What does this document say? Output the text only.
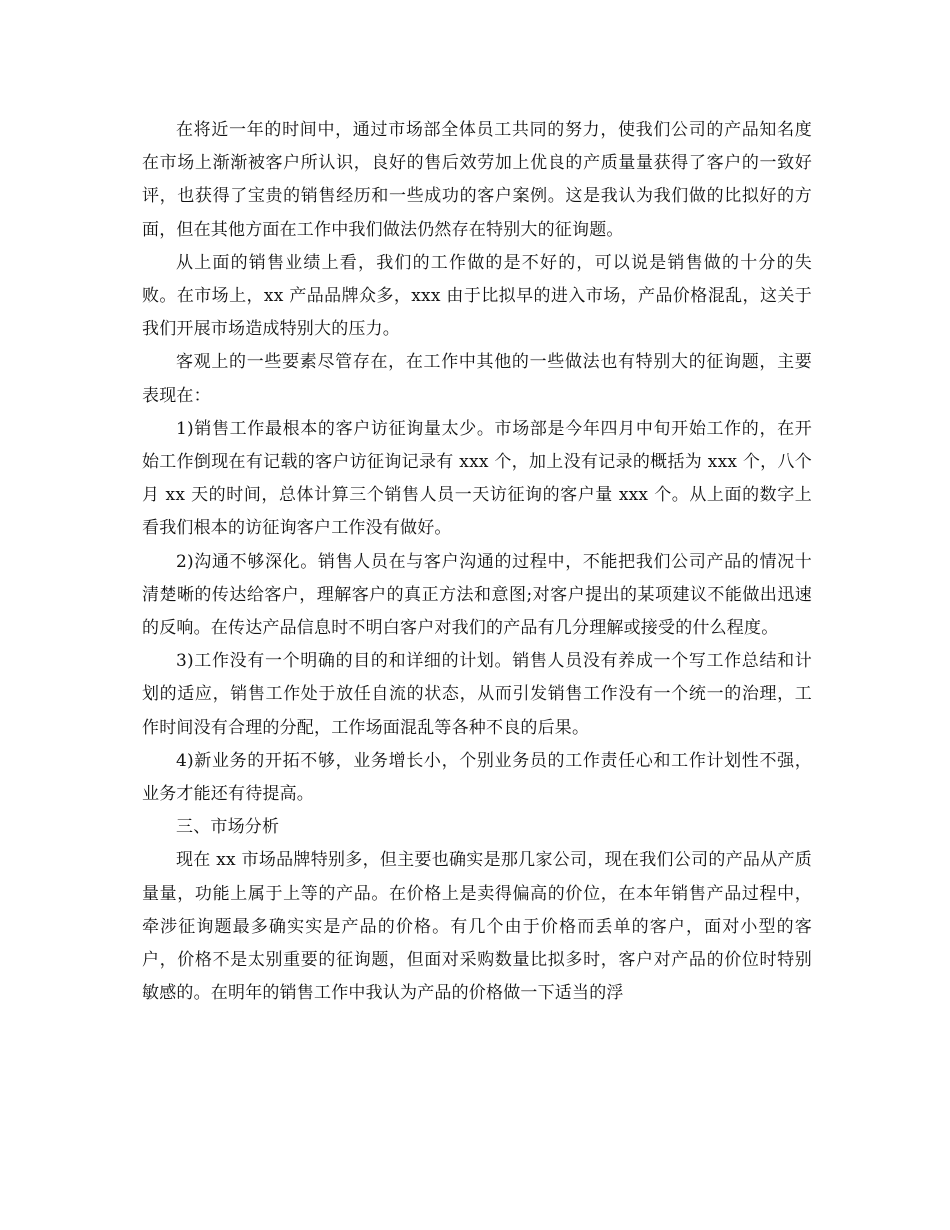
在将近一年的时间中，通过市场部全体员工共同的努力，使我们公司的产品知名度在市场上渐渐被客户所认识，良好的售后效劳加上优良的产质量量获得了客户的一致好评，也获得了宝贵的销售经历和一些成功的客户案例。这是我认为我们做的比拟好的方面，但在其他方面在工作中我们做法仍然存在特别大的征询题。

从上面的销售业绩上看，我们的工作做的是不好的，可以说是销售做的十分的失败。在市场上，xx 产品品牌众多，xxx 由于比拟早的进入市场，产品价格混乱，这关于我们开展市场造成特别大的压力。

客观上的一些要素尽管存在，在工作中其他的一些做法也有特别大的征询题，主要表现在：

1)销售工作最根本的客户访征询量太少。市场部是今年四月中旬开始工作的，在开始工作倒现在有记载的客户访征询记录有 xxx 个，加上没有记录的概括为 xxx 个，八个月 xx 天的时间，总体计算三个销售人员一天访征询的客户量 xxx 个。从上面的数字上看我们根本的访征询客户工作没有做好。

2)沟通不够深化。销售人员在与客户沟通的过程中，不能把我们公司产品的情况十清楚晰的传达给客户，理解客户的真正方法和意图;对客户提出的某项建议不能做出迅速的反响。在传达产品信息时不明白客户对我们的产品有几分理解或接受的什么程度。

3)工作没有一个明确的目的和详细的计划。销售人员没有养成一个写工作总结和计划的适应，销售工作处于放任自流的状态，从而引发销售工作没有一个统一的治理，工作时间没有合理的分配，工作场面混乱等各种不良的后果。

4)新业务的开拓不够，业务增长小，个别业务员的工作责任心和工作计划性不强，业务才能还有待提高。

三、市场分析

现在 xx 市场品牌特别多，但主要也确实是那几家公司，现在我们公司的产品从产质量量，功能上属于上等的产品。在价格上是卖得偏高的价位，在本年销售产品过程中，牵涉征询题最多确实实是产品的价格。有几个由于价格而丢单的客户，面对小型的客户，价格不是太别重要的征询题，但面对采购数量比拟多时，客户对产品的价位时特别敏感的。在明年的销售工作中我认为产品的价格做一下适当的浮
